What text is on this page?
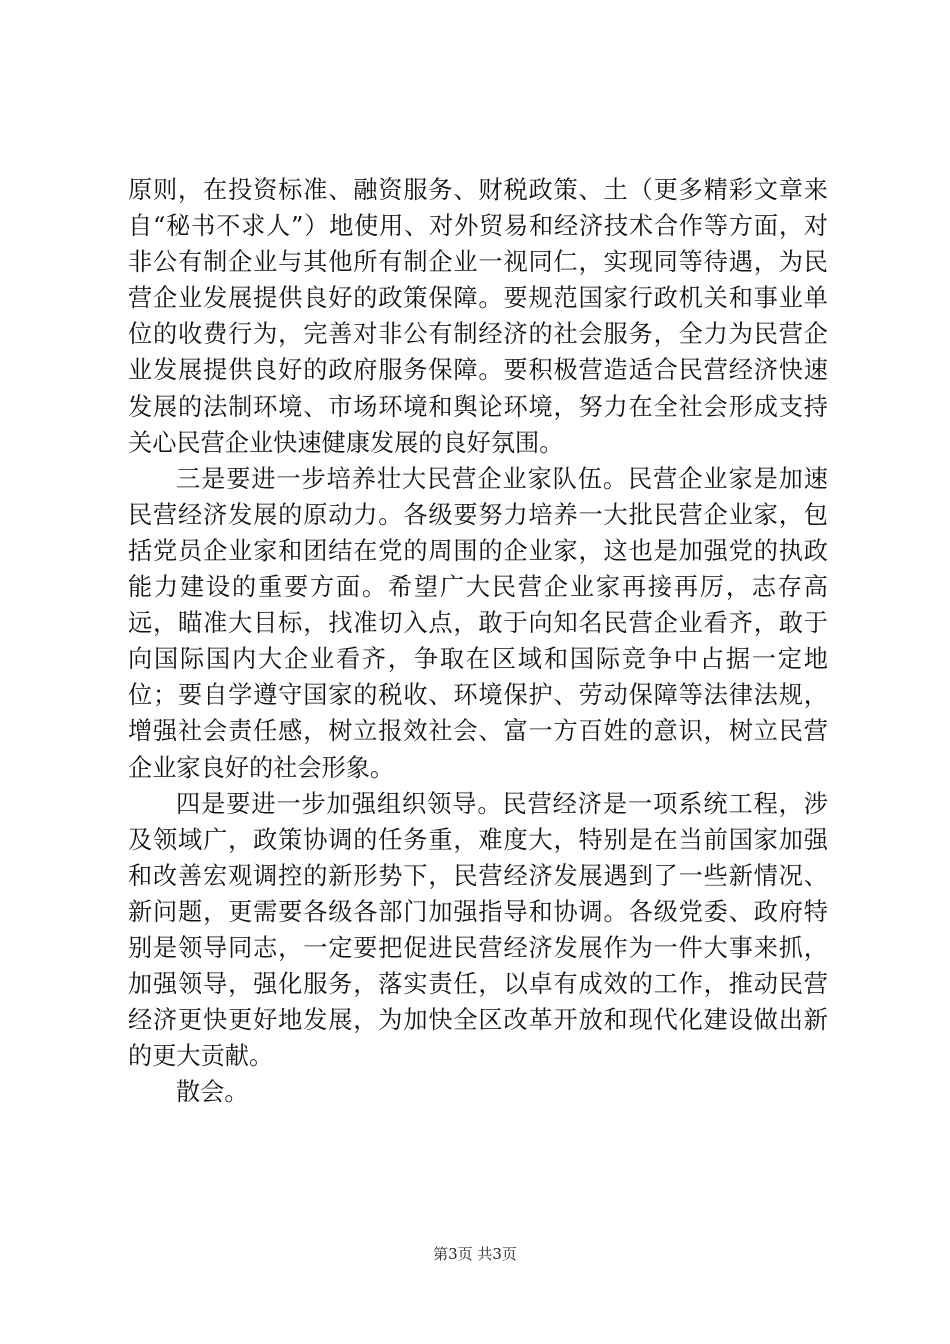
原则，在投资标准、融资服务、财税政策、土（更多精彩文章来自“秘书不求人”）地使用、对外贸易和经济技术合作等方面，对非公有制企业与其他所有制企业一视同仁，实现同等待遇，为民营企业发展提供良好的政策保障。要规范国家行政机关和事业单位的收费行为，完善对非公有制经济的社会服务，全力为民营企业发展提供良好的政府服务保障。要积极营造适合民营经济快速发展的法制环境、市场环境和舆论环境，努力在全社会形成支持关心民营企业快速健康发展的良好氛围。

三是要进一步培养壮大民营企业家队伍。民营企业家是加速民营经济发展的原动力。各级要努力培养一大批民营企业家，包括党员企业家和团结在党的周围的企业家，这也是加强党的执政能力建设的重要方面。希望广大民营企业家再接再厉，志存高远，瞄准大目标，找准切入点，敢于向知名民营企业看齐，敢于向国际国内大企业看齐，争取在区域和国际竞争中占据一定地位；要自学遵守国家的税收、环境保护、劳动保障等法律法规，增强社会责任感，树立报效社会、富一方百姓的意识，树立民营企业家良好的社会形象。

四是要进一步加强组织领导。民营经济是一项系统工程，涉及领域广，政策协调的任务重，难度大，特别是在当前国家加强和改善宏观调控的新形势下，民营经济发展遇到了一些新情况、新问题，更需要各级各部门加强指导和协调。各级党委、政府特别是领导同志，一定要把促进民营经济发展作为一件大事来抓，加强领导，强化服务，落实责任，以卓有成效的工作，推动民营经济更快更好地发展，为加快全区改革开放和现代化建设做出新的更大贡献。

散会。

第3页 共3页
